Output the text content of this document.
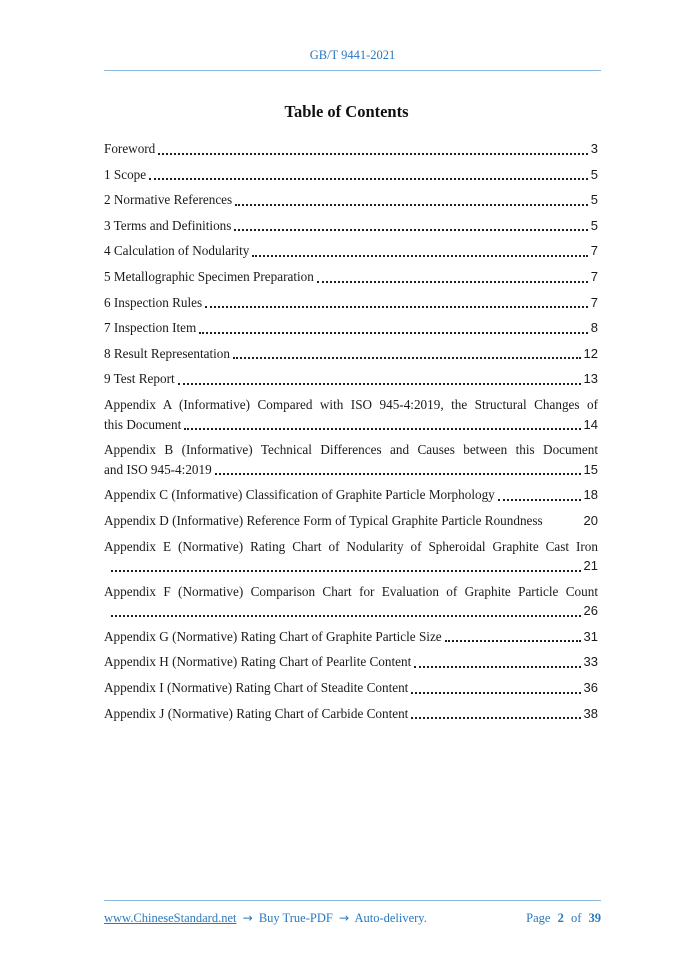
GB/T 9441-2021
Table of Contents
Foreword	3
1 Scope	5
2 Normative References	5
3 Terms and Definitions	5
4 Calculation of Nodularity	7
5 Metallographic Specimen Preparation	7
6 Inspection Rules	7
7 Inspection Item	8
8 Result Representation	12
9 Test Report	13
Appendix A (Informative) Compared with ISO 945-4:2019, the Structural Changes of
this Document	14
Appendix B (Informative) Technical Differences and Causes between this Document
and ISO 945-4:2019	15
Appendix C (Informative) Classification of Graphite Particle Morphology	18
Appendix D (Informative) Reference Form of Typical Graphite Particle Roundness	20
Appendix E (Normative) Rating Chart of Nodularity of Spheroidal Graphite Cast Iron
21
Appendix F (Normative) Comparison Chart for Evaluation of Graphite Particle Count
26
Appendix G (Normative) Rating Chart of Graphite Particle Size	31
Appendix H (Normative) Rating Chart of Pearlite Content	33
Appendix I (Normative) Rating Chart of Steadite Content	36
Appendix J (Normative) Rating Chart of Carbide Content	38
www.ChineseStandard.net → Buy True-PDF → Auto-delivery.	Page 2 of 39
